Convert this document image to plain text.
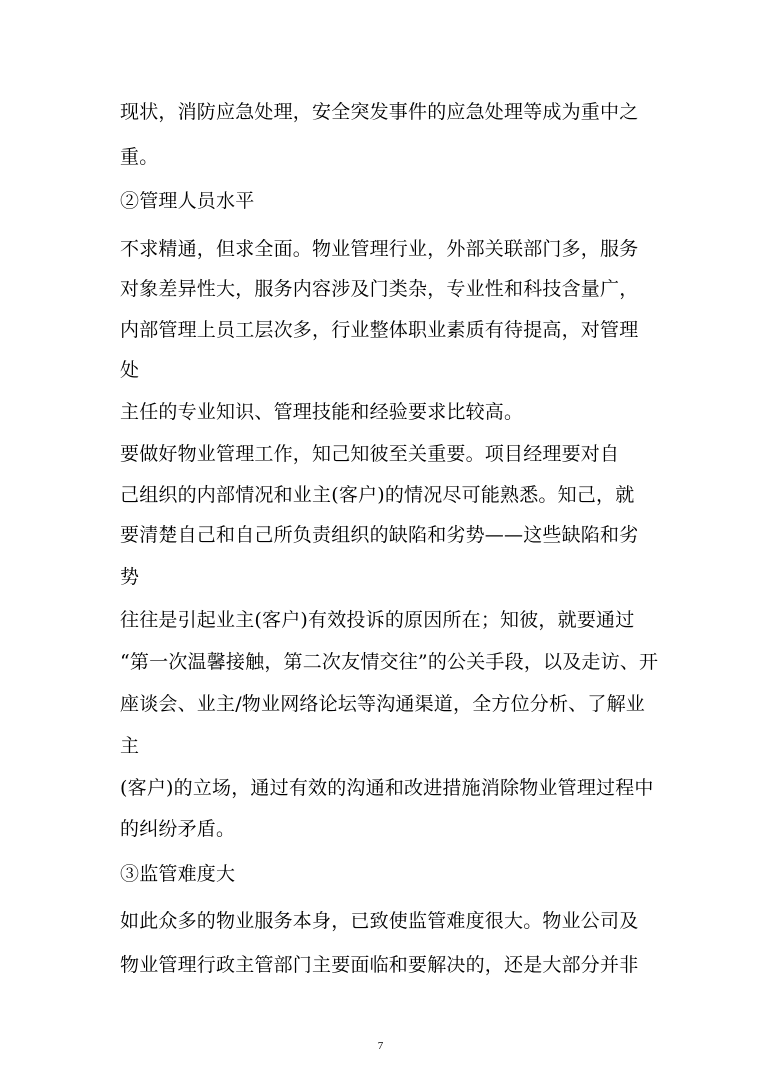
现状，消防应急处理，安全突发事件的应急处理等成为重中之
重。
②管理人员水平
不求精通，但求全面。物业管理行业，外部关联部门多，服务
对象差异性大，服务内容涉及门类杂，专业性和科技含量广，
内部管理上员工层次多，行业整体职业素质有待提高，对管理
处
主任的专业知识、管理技能和经验要求比较高。
要做好物业管理工作，知己知彼至关重要。项目经理要对自
己组织的内部情况和业主(客户)的情况尽可能熟悉。知己，就
要清楚自己和自己所负责组织的缺陷和劣势——这些缺陷和劣
势
往往是引起业主(客户)有效投诉的原因所在；知彼，就要通过
“第一次温馨接触，第二次友情交往”的公关手段，以及走访、开
座谈会、业主/物业网络论坛等沟通渠道，全方位分析、了解业
主
(客户)的立场，通过有效的沟通和改进措施消除物业管理过程中
的纠纷矛盾。
③监管难度大
如此众多的物业服务本身，已致使监管难度很大。物业公司及
物业管理行政主管部门主要面临和要解决的，还是大部分并非
7
